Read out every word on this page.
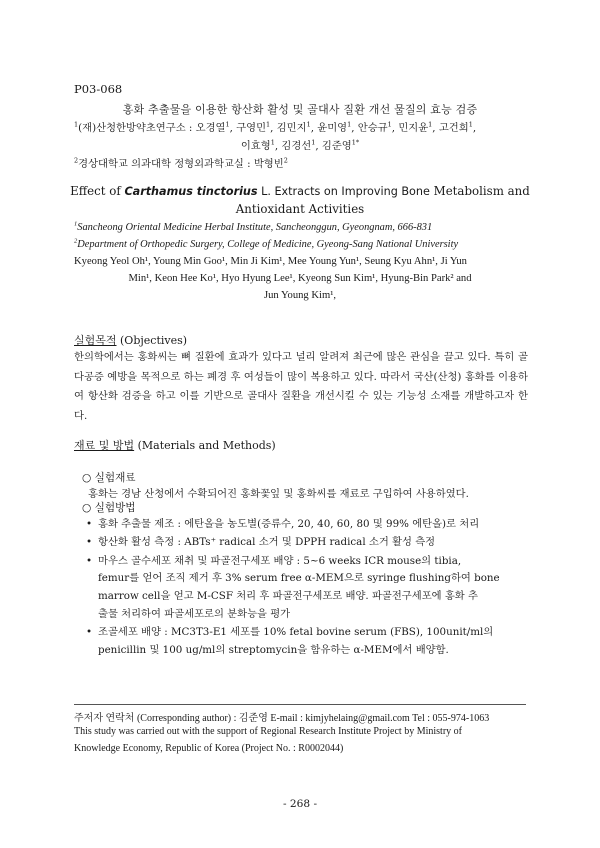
P03-068
홍화 추출물을 이용한 항산화 활성 및 골대사 질환 개선 물질의 효능 검증
$^1$(재)산청한방약초연구소 : 오경열$^1$, 구영민$^1$, 김민지$^1$, 윤미영$^1$, 안승규$^1$, 민지윤$^1$, 고건희$^1$,
이효형$^1$, 김경선$^1$, 김준영$^{1*}$
$^2$경상대학교 의과대학 정형외과학교실 : 박형빈$^2$
Effect of Carthamus tinctorius L. Extracts on Improving Bone Metabolism and
Antioxidant Activities
$^1$Sancheong Oriental Medicine Herbal Institute, Sancheonggun, Gyeongnam, 666-831
$^2$Department of Orthopedic Surgery, College of Medicine, Gyeong-Sang National University
Kyeong Yeol Oh¹, Young Min Goo¹, Min Ji Kim¹, Mee Young Yun¹, Seung Kyu Ahn¹, Ji Yun
Min¹, Keon Hee Ko¹, Hyo Hyung Lee¹, Kyeong Sun Kim¹, Hyung-Bin Park² and
Jun Young Kim¹,
실험목적 (Objectives)
한의학에서는 홍화씨는 뼈 질환에 효과가 있다고 널리 알려져 최근에 많은 관심을 끌고 있다. 특히 골다공증 예방을 목적으로 하는 폐경 후 여성들이 많이 복용하고 있다. 따라서 국산(산청) 홍화를 이용하여 항산화 검증을 하고 이를 기반으로 골대사 질환을 개선시킬 수 있는 기능성 소재를 개발하고자 한다.
재료 및 방법 (Materials and Methods)
○ 실험재료
홍화는 경남 산청에서 수확되어진 홍화꽃잎 및 홍화씨를 재료로 구입하여 사용하였다.
○ 실험방법
• 홍화 추출물 제조 : 에탄올을 농도별(증류수, 20, 40, 60, 80 및 99% 에탄올)로 처리
• 항산화 활성 측정 : ABTs⁺ radical 소거 및 DPPH radical 소거 활성 측정
• 마우스 골수세포 채취 및 파골전구세포 배양 : 5~6 weeks ICR mouse의 tibia,
femur를 얻어 조직 제거 후 3% serum free α-MEM으로 syringe flushing하여 bone
marrow cell을 얻고 M-CSF 처리 후 파골전구세포로 배양. 파골전구세포에 홍화 추
출물 처리하여 파골세포로의 분화능을 평가
• 조골세포 배양 : MC3T3-E1 세포를 10% fetal bovine serum (FBS), 100unit/ml의
penicillin 및 100 ug/ml의 streptomycin을 함유하는 α-MEM에서 배양함.
주저자 연락처 (Corresponding author) : 김준영 E-mail : kimjyhelaing@gmail.com Tel : 055-974-1063
This study was carried out with the support of Regional Research Institute Project by Ministry of
Knowledge Economy, Republic of Korea (Project No. : R0002044)
- 268 -
